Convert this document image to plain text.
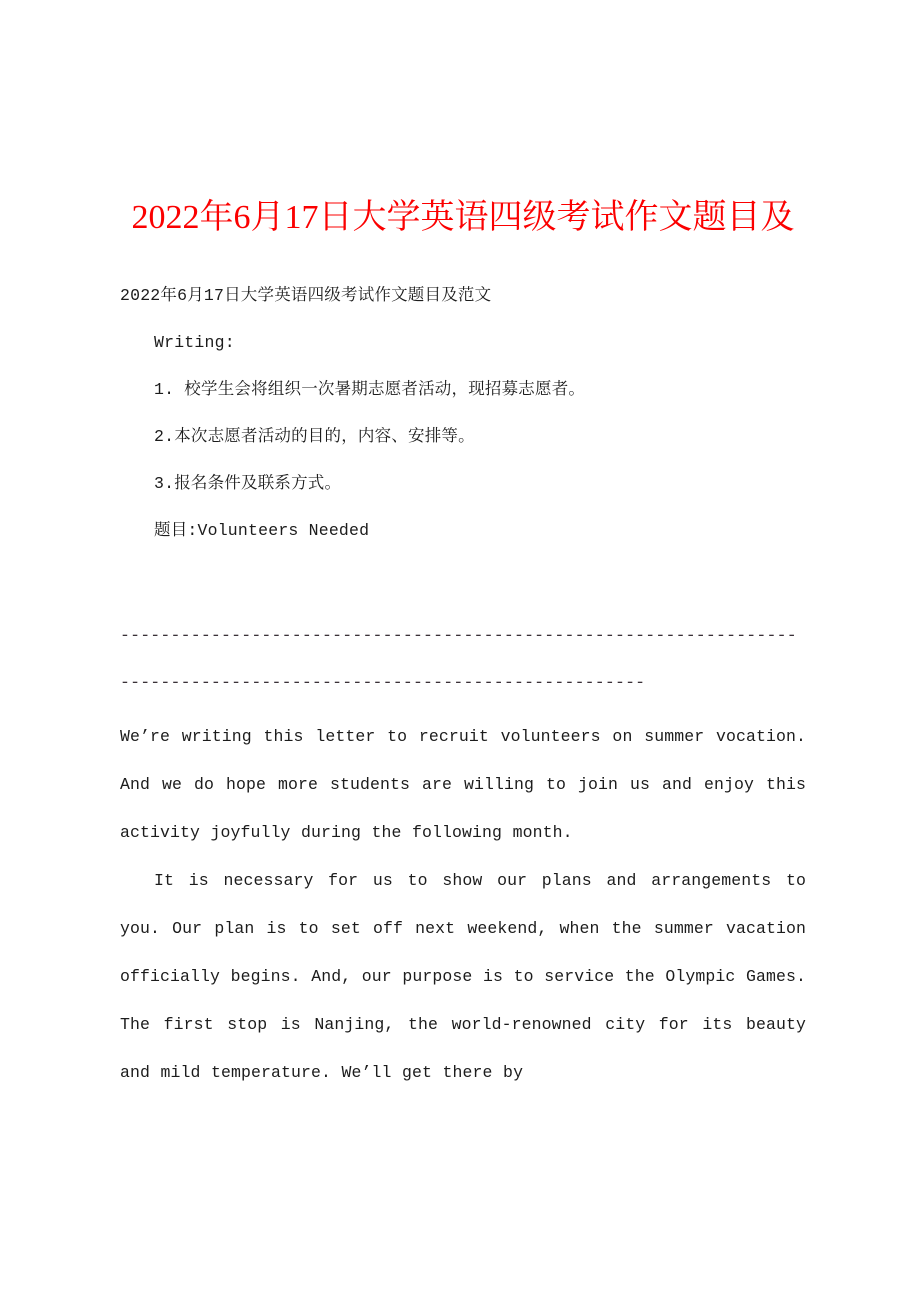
2022年6月17日大学英语四级考试作文题目及

2022年6月17日大学英语四级考试作文题目及范文

Writing:

1. 校学生会将组织一次暑期志愿者活动，现招募志愿者。

2.本次志愿者活动的目的，内容、安排等。

3.报名条件及联系方式。

题目:Volunteers Needed

-----------------------------------------------------------------------------------------------------------------------

We’re writing this letter to recruit volunteers on summer vocation. And we do hope more students are willing to join us and enjoy this activity joyfully during the following month.

It is necessary for us to show our plans and arrangements to you. Our plan is to set off next weekend, when the summer vacation officially begins. And, our purpose is to service the Olympic Games. The first stop is Nanjing, the world-renowned city for its beauty and mild temperature. We’ll get there by
